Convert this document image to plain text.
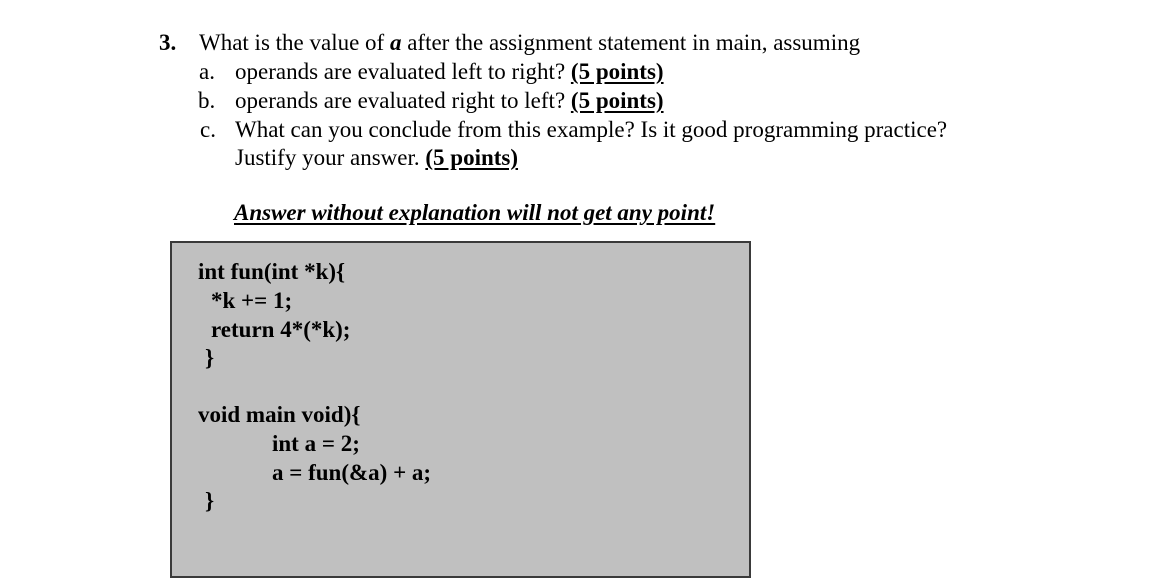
3. What is the value of a after the assignment statement in main, assuming
a. operands are evaluated left to right? (5 points)
b. operands are evaluated right to left? (5 points)
c. What can you conclude from this example? Is it good programming practice?
Justify your answer. (5 points)
Answer without explanation will not get any point!
int fun(int *k){
*k += 1;
return 4*(*k);
}
void main void){
int a = 2;
a = fun(&a) + a;
}
